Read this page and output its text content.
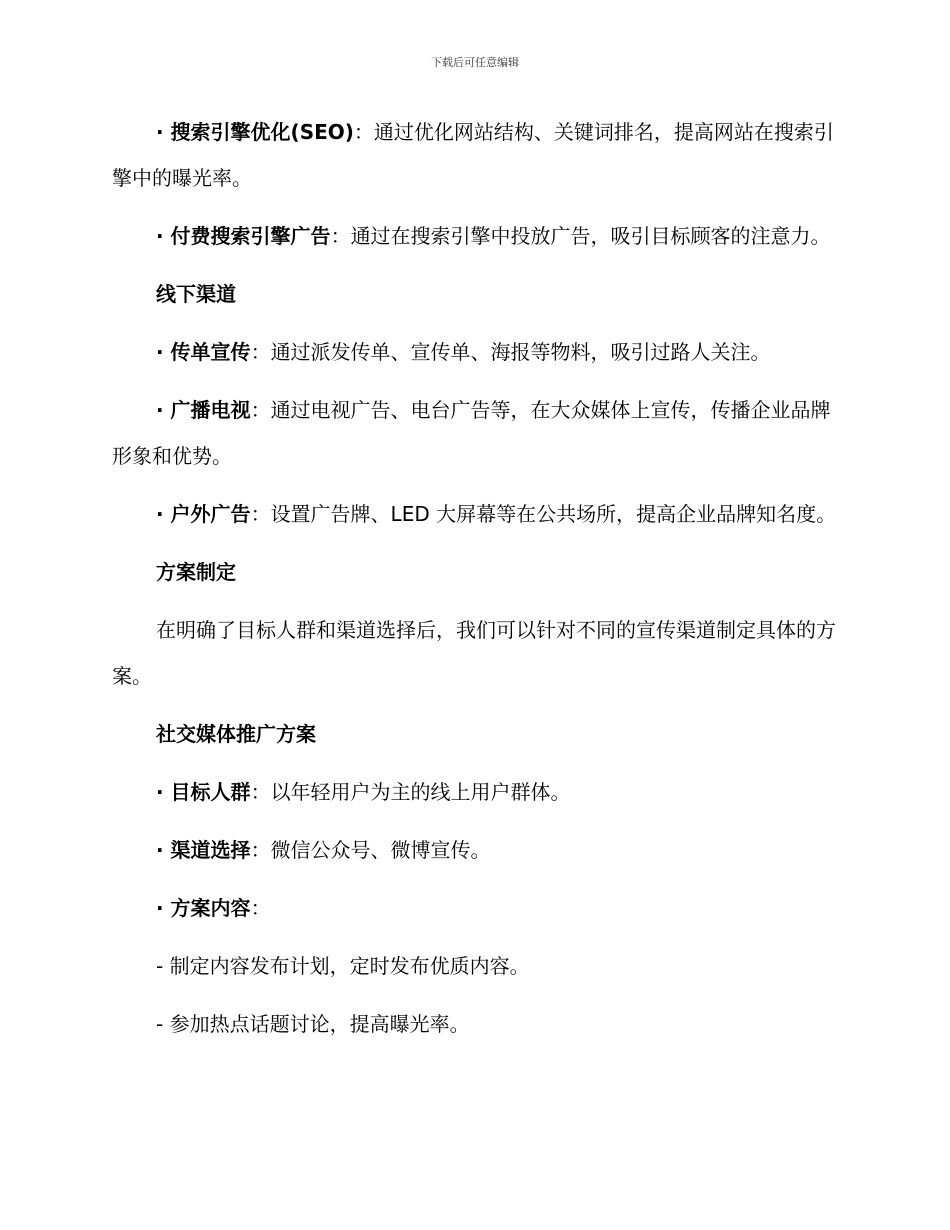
下载后可任意编辑

· 搜索引擎优化(SEO)：通过优化网站结构、关键词排名，提高网站在搜索引擎中的曝光率。

· 付费搜索引擎广告：通过在搜索引擎中投放广告，吸引目标顾客的注意力。

线下渠道

· 传单宣传：通过派发传单、宣传单、海报等物料，吸引过路人关注。

· 广播电视：通过电视广告、电台广告等，在大众媒体上宣传，传播企业品牌形象和优势。

· 户外广告：设置广告牌、LED 大屏幕等在公共场所，提高企业品牌知名度。

方案制定

在明确了目标人群和渠道选择后，我们可以针对不同的宣传渠道制定具体的方案。

社交媒体推广方案

· 目标人群：以年轻用户为主的线上用户群体。

· 渠道选择：微信公众号、微博宣传。

· 方案内容：

- 制定内容发布计划，定时发布优质内容。

- 参加热点话题讨论，提高曝光率。
